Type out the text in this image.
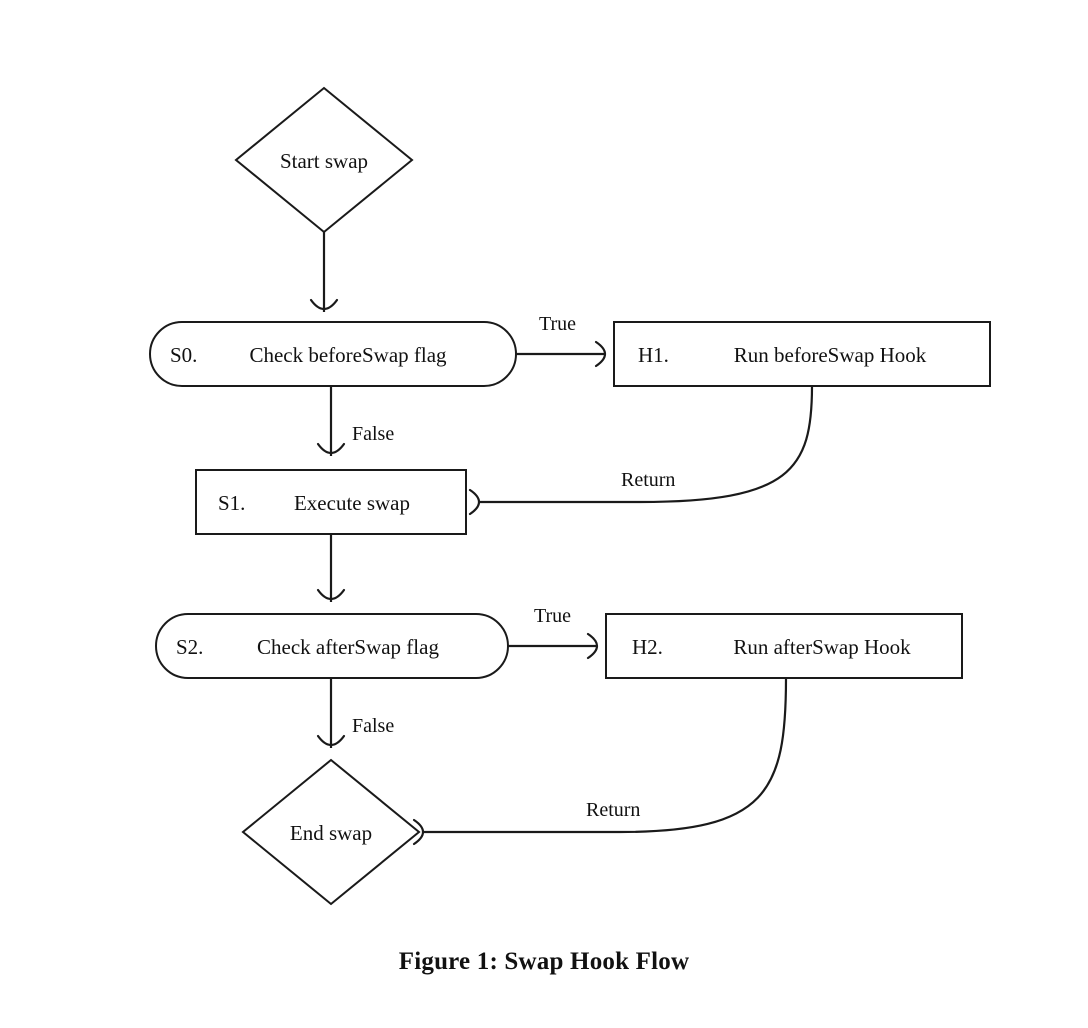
True
False
Return
True
False
Return
Start swap
S0. Check beforeSwap flag	H1.	Run beforeSwap Hook
S1. Execute swap
S2.	Check afterSwap flag	H2.	Run afterSwap Hook
End swap
Figure 1: Swap Hook Flow
